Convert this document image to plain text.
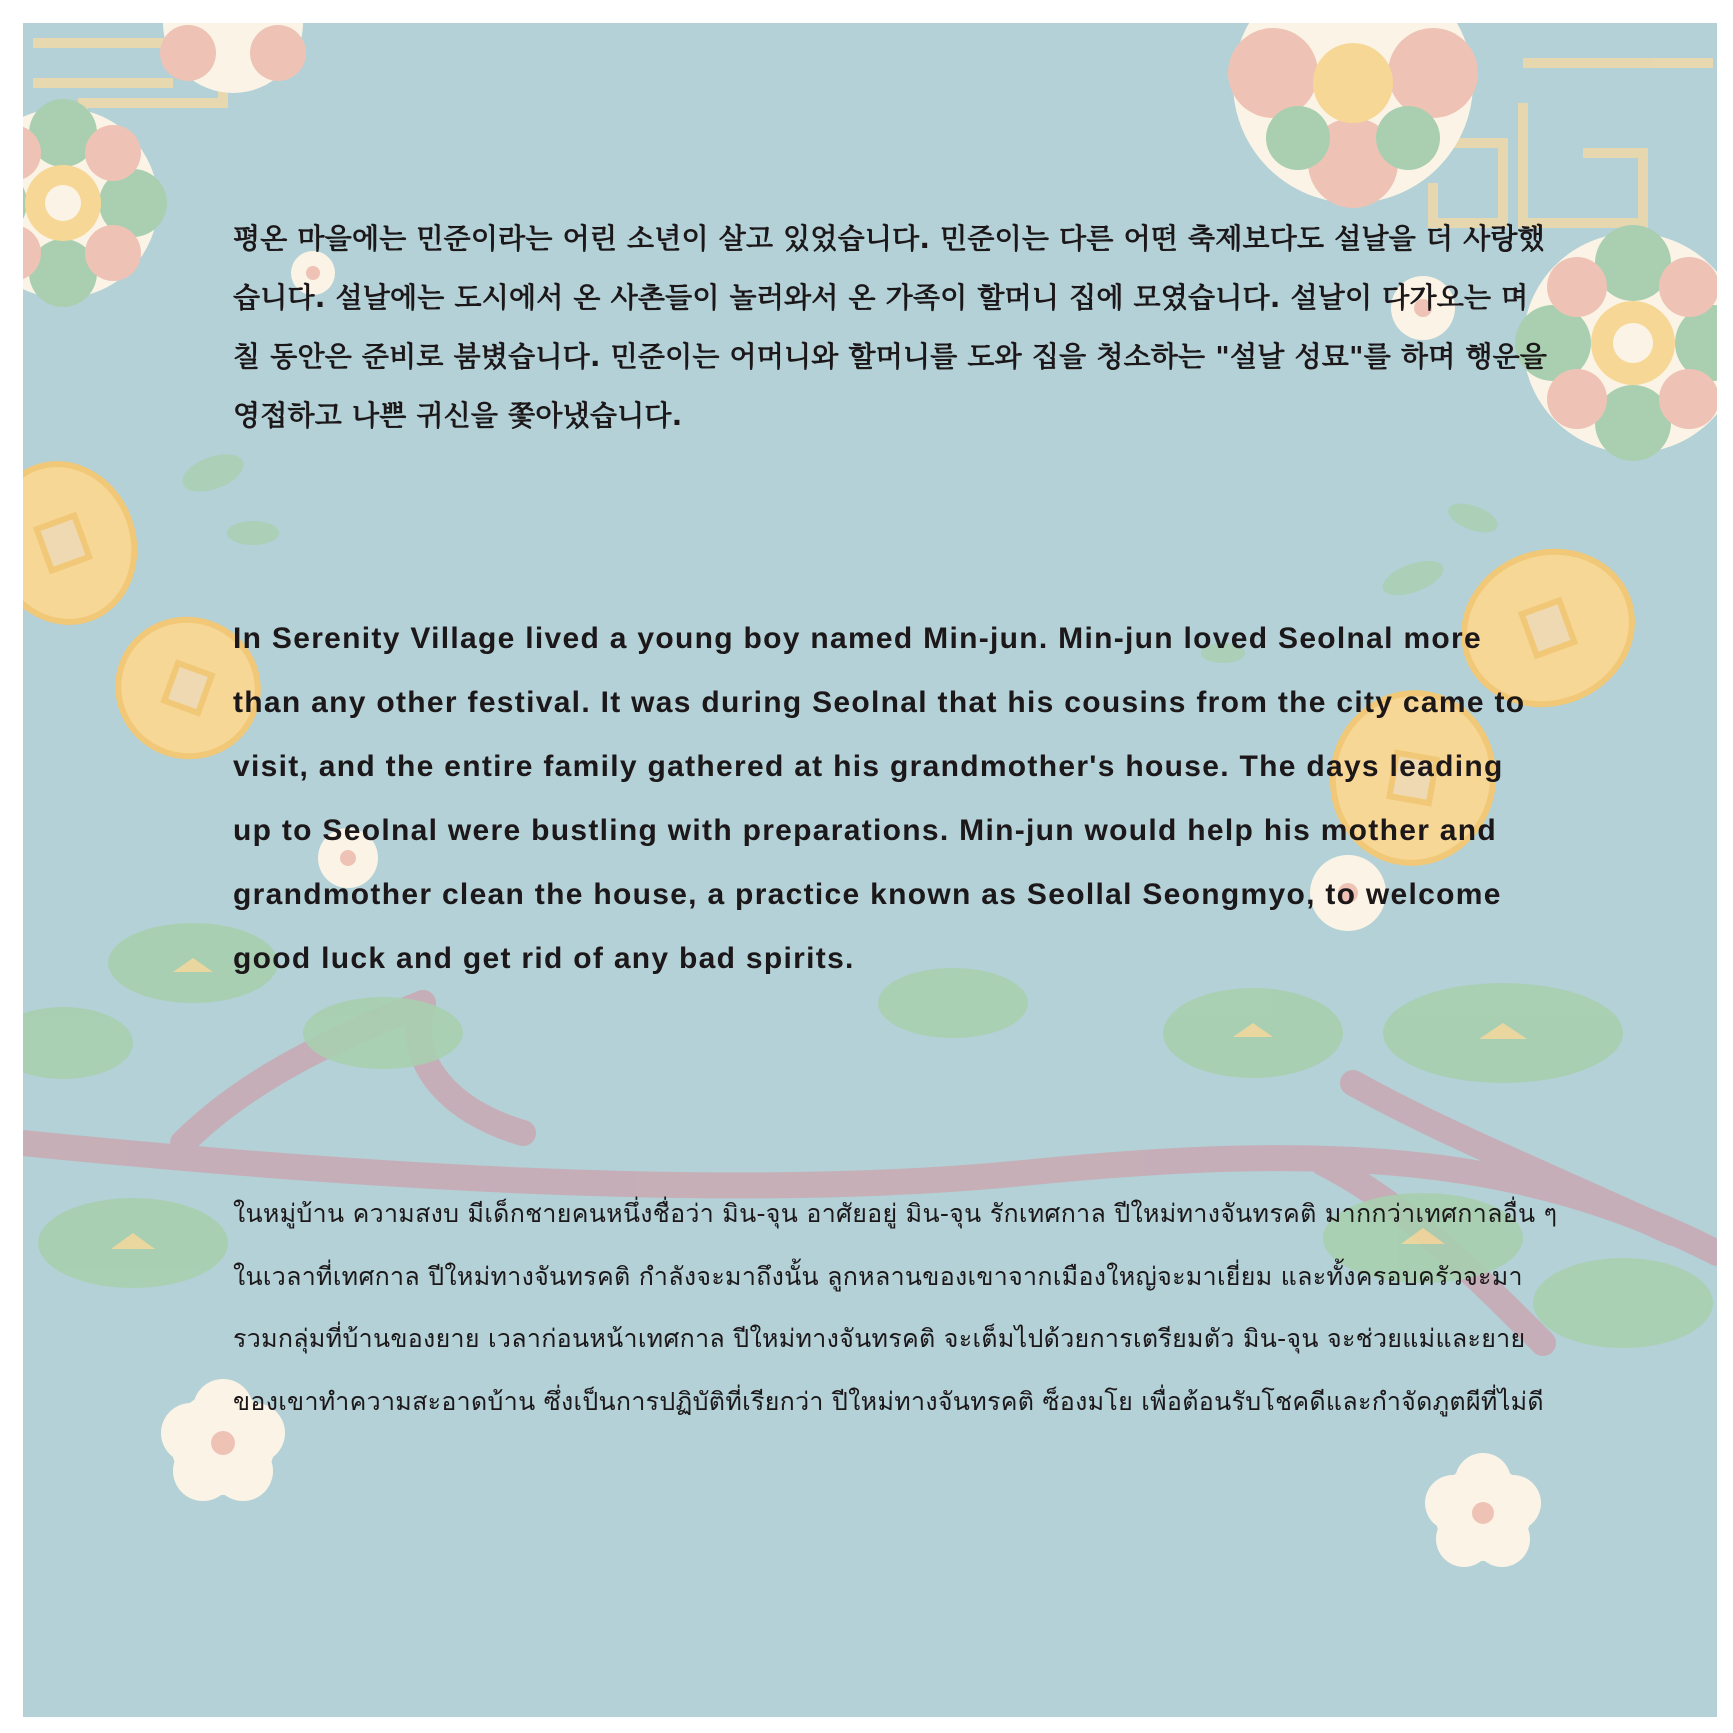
평온 마을에는 민준이라는 어린 소년이 살고 있었습니다. 민준이는 다른 어떤 축제보다도 설날을 더 사랑했습니다. 설날에는 도시에서 온 사촌들이 놀러와서 온 가족이 할머니 집에 모였습니다. 설날이 다가오는 며칠 동안은 준비로 붐볐습니다. 민준이는 어머니와 할머니를 도와 집을 청소하는 "설날 성묘"를 하며 행운을 영접하고 나쁜 귀신을 쫓아냈습니다.

In Serenity Village lived a young boy named Min-jun. Min-jun loved Seolnal more than any other festival. It was during Seolnal that his cousins from the city came to visit, and the entire family gathered at his grandmother's house. The days leading up to Seolnal were bustling with preparations. Min-jun would help his mother and grandmother clean the house, a practice known as Seollal Seongmyo, to welcome good luck and get rid of any bad spirits.

ในหมู่บ้าน ความสงบ มีเด็กชายคนหนึ่งชื่อว่า มิน-จุน อาศัยอยู่ มิน-จุน รักเทศกาล ปีใหม่ทางจันทรคติ มากกว่าเทศกาลอื่น ๆ ในเวลาที่เทศกาล ปีใหม่ทางจันทรคติ กำลังจะมาถึงนั้น ลูกหลานของเขาจากเมืองใหญ่จะมาเยี่ยม และทั้งครอบครัวจะมารวมกลุ่มที่บ้านของยาย เวลาก่อนหน้าเทศกาล ปีใหม่ทางจันทรคติ จะเต็มไปด้วยการเตรียมตัว มิน-จุน จะช่วยแม่และยายของเขาทำความสะอาดบ้าน ซึ่งเป็นการปฏิบัติที่เรียกว่า ปีใหม่ทางจันทรคติ ซ็องมโย เพื่อต้อนรับโชคดีและกำจัดภูตผีที่ไม่ดี
